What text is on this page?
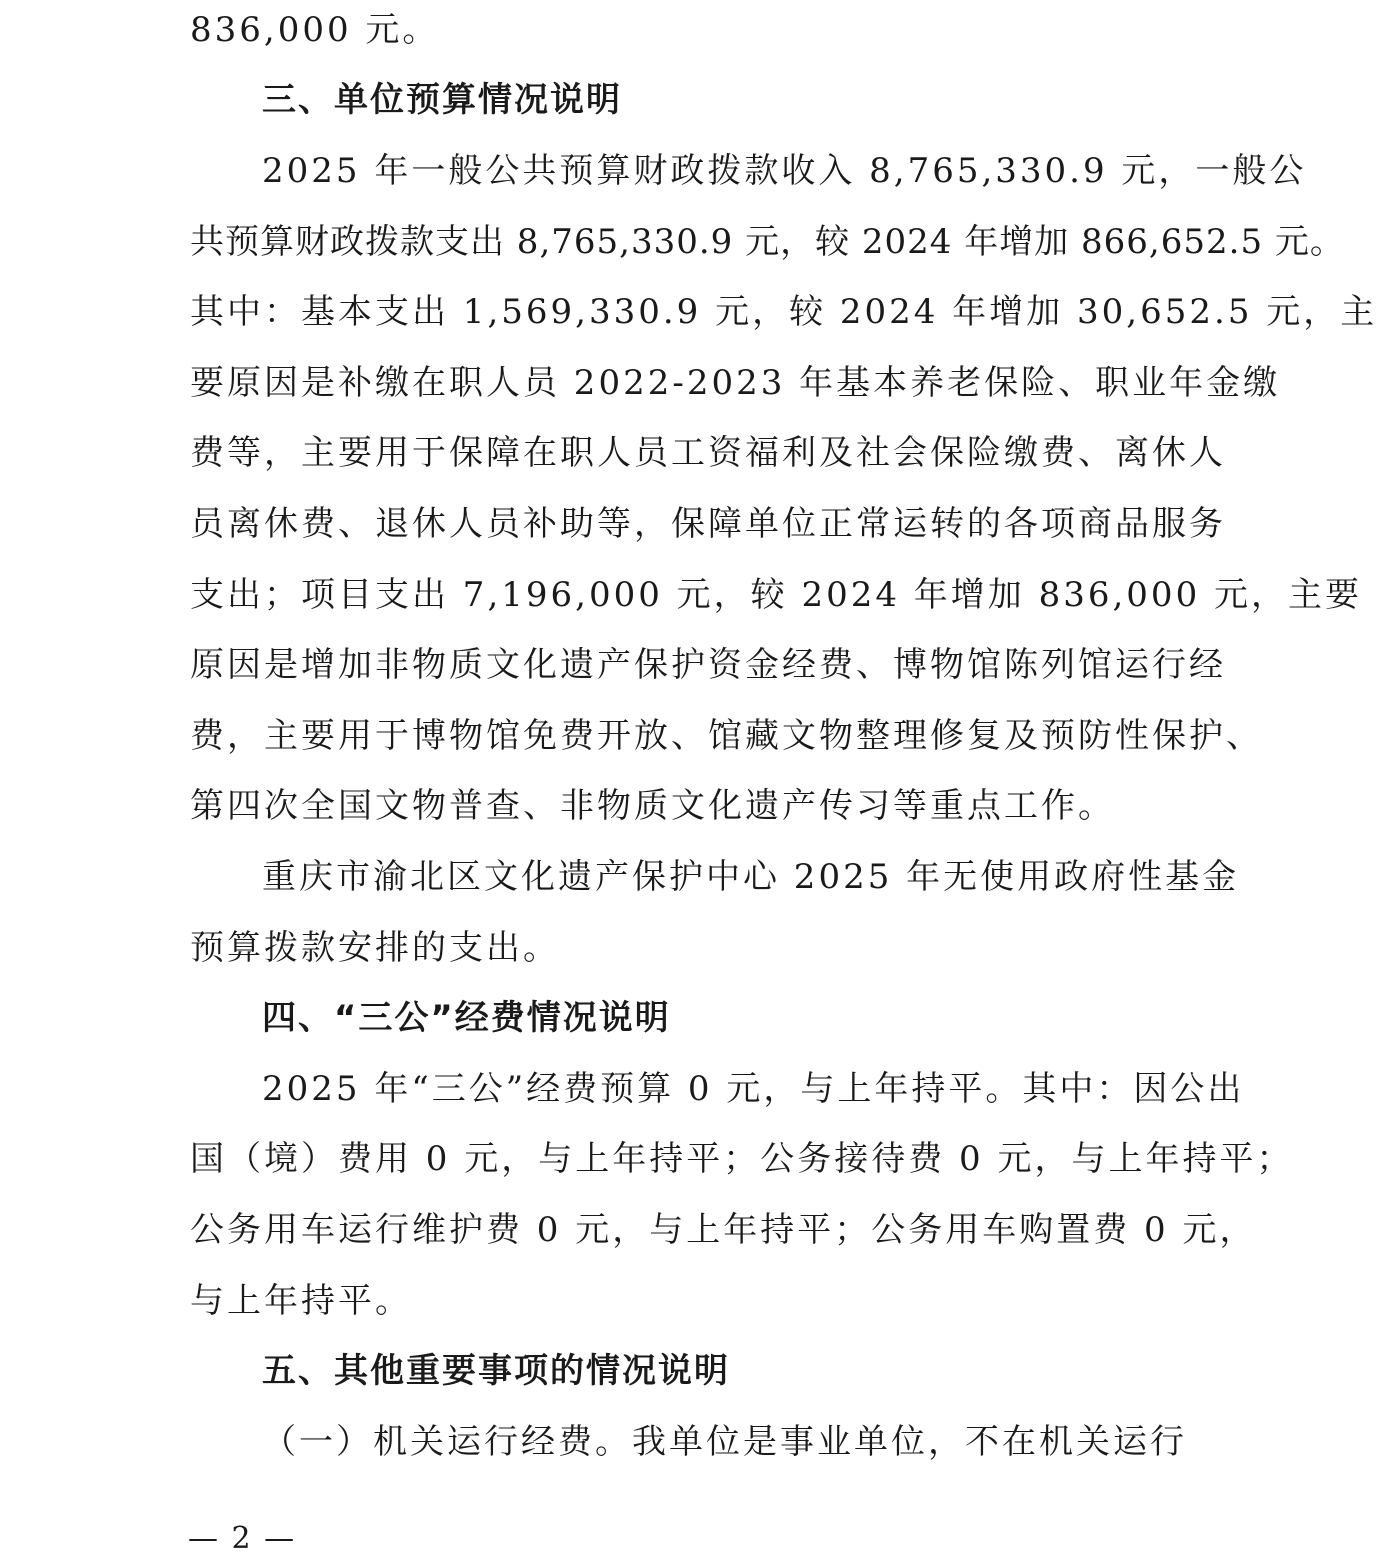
836,000 元。
三、单位预算情况说明
2025 年一般公共预算财政拨款收入 8,765,330.9 元，一般公
共预算财政拨款支出 8,765,330.9 元，较 2024 年增加 866,652.5 元。
其中：基本支出 1,569,330.9 元，较 2024 年增加 30,652.5 元，主
要原因是补缴在职人员 2022-2023 年基本养老保险、职业年金缴
费等，主要用于保障在职人员工资福利及社会保险缴费、离休人
员离休费、退休人员补助等，保障单位正常运转的各项商品服务
支出；项目支出 7,196,000 元，较 2024 年增加 836,000 元，主要
原因是增加非物质文化遗产保护资金经费、博物馆陈列馆运行经
费，主要用于博物馆免费开放、馆藏文物整理修复及预防性保护、
第四次全国文物普查、非物质文化遗产传习等重点工作。
重庆市渝北区文化遗产保护中心 2025 年无使用政府性基金
预算拨款安排的支出。
四、“三公”经费情况说明
2025 年“三公”经费预算 0 元，与上年持平。其中：因公出
国（境）费用 0 元，与上年持平；公务接待费 0 元，与上年持平；
公务用车运行维护费 0 元，与上年持平；公务用车购置费 0 元，
与上年持平。
五、其他重要事项的情况说明
（一）机关运行经费。我单位是事业单位，不在机关运行
— 2 —
